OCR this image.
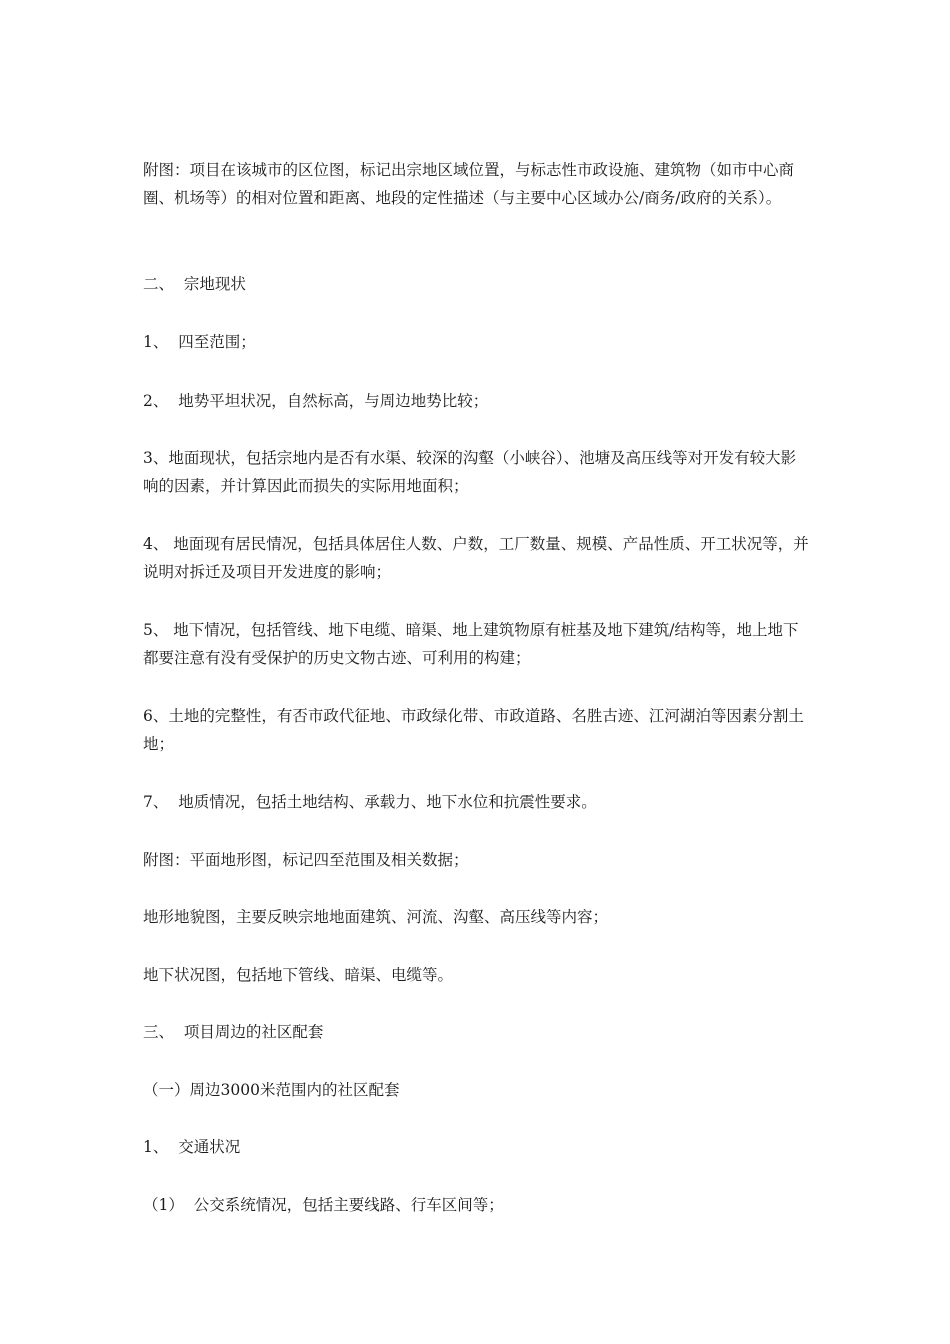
附图：项目在该城市的区位图，标记出宗地区域位置，与标志性市政设施、建筑物（如市中心商圈、机场等）的相对位置和距离、地段的定性描述（与主要中心区域办公/商务/政府的关系）。

二、  宗地现状

1、  四至范围；

2、  地势平坦状况，自然标高，与周边地势比较；

3、地面现状，包括宗地内是否有水渠、较深的沟壑（小峡谷）、池塘及高压线等对开发有较大影响的因素，并计算因此而损失的实际用地面积；

4、 地面现有居民情况，包括具体居住人数、户数，工厂数量、规模、产品性质、开工状况等，并说明对拆迁及项目开发进度的影响；

5、 地下情况，包括管线、地下电缆、暗渠、地上建筑物原有桩基及地下建筑/结构等，地上地下都要注意有没有受保护的历史文物古迹、可利用的构建；

6、土地的完整性，有否市政代征地、市政绿化带、市政道路、名胜古迹、江河湖泊等因素分割土地；

7、  地质情况，包括土地结构、承载力、地下水位和抗震性要求。

附图：平面地形图，标记四至范围及相关数据；

地形地貌图，主要反映宗地地面建筑、河流、沟壑、高压线等内容；

地下状况图，包括地下管线、暗渠、电缆等。

三、  项目周边的社区配套

（一）周边3000米范围内的社区配套

1、  交通状况

（1）  公交系统情况，包括主要线路、行车区间等；
